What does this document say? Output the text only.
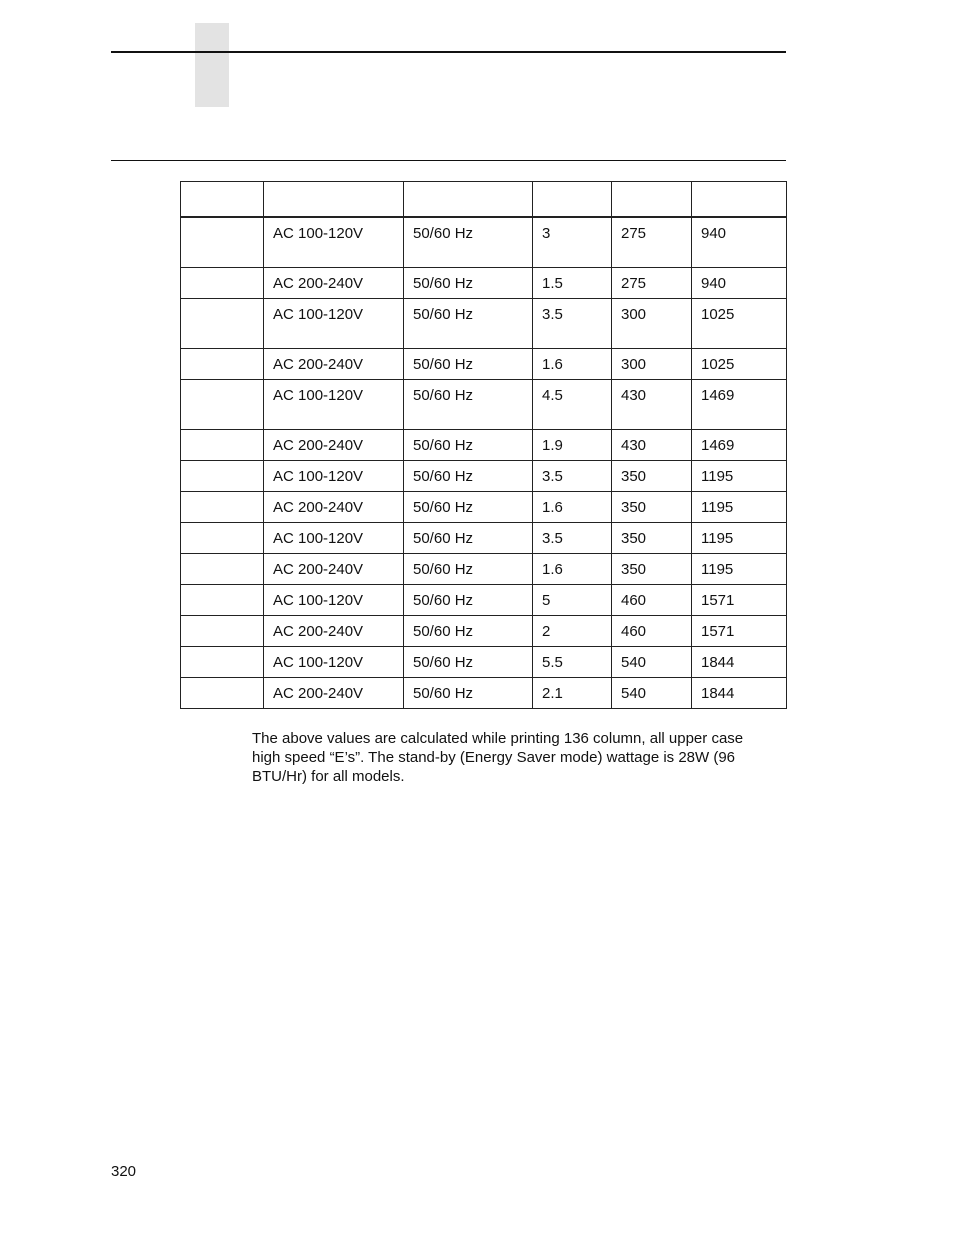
	AC 100-120V	50/60 Hz	3	275	940
	AC 200-240V	50/60 Hz	1.5	275	940
	AC 100-120V	50/60 Hz	3.5	300	1025
	AC 200-240V	50/60 Hz	1.6	300	1025
	AC 100-120V	50/60 Hz	4.5	430	1469
	AC 200-240V	50/60 Hz	1.9	430	1469
	AC 100-120V	50/60 Hz	3.5	350	1195
	AC 200-240V	50/60 Hz	1.6	350	1195
	AC 100-120V	50/60 Hz	3.5	350	1195
	AC 200-240V	50/60 Hz	1.6	350	1195
	AC 100-120V	50/60 Hz	5	460	1571
	AC 200-240V	50/60 Hz	2	460	1571
	AC 100-120V	50/60 Hz	5.5	540	1844
	AC 200-240V	50/60 Hz	2.1	540	1844

The above values are calculated while printing 136 column, all upper case high speed “E’s”. The stand-by (Energy Saver mode) wattage is 28W (96 BTU/Hr) for all models.

320
